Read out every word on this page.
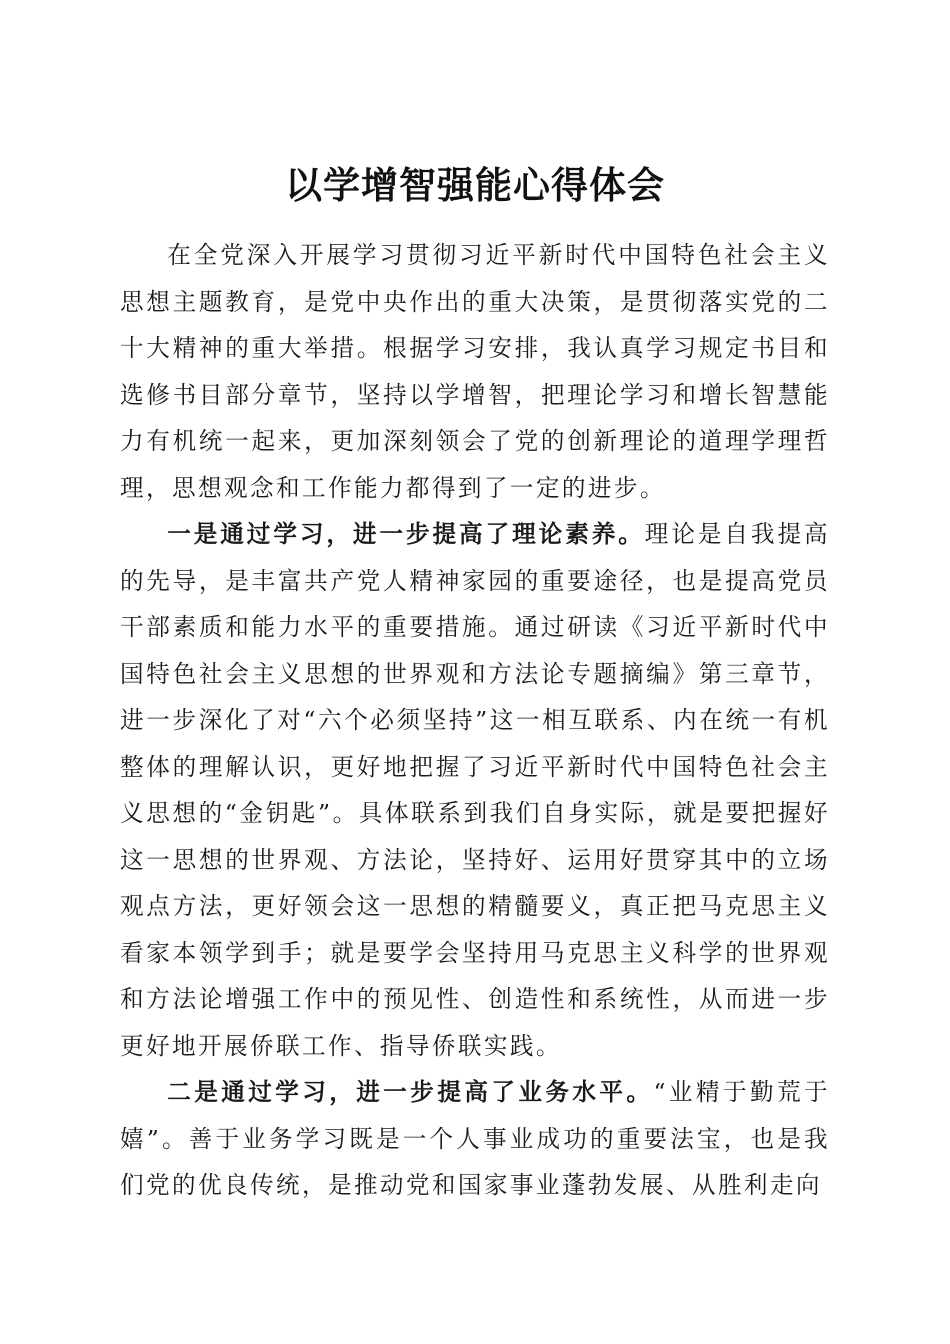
以学增智强能心得体会

在全党深入开展学习贯彻习近平新时代中国特色社会主义思想主题教育，是党中央作出的重大决策，是贯彻落实党的二十大精神的重大举措。根据学习安排，我认真学习规定书目和选修书目部分章节，坚持以学增智，把理论学习和增长智慧能力有机统一起来，更加深刻领会了党的创新理论的道理学理哲理，思想观念和工作能力都得到了一定的进步。

一是通过学习，进一步提高了理论素养。理论是自我提高的先导，是丰富共产党人精神家园的重要途径，也是提高党员干部素质和能力水平的重要措施。通过研读《习近平新时代中国特色社会主义思想的世界观和方法论专题摘编》第三章节，进一步深化了对“六个必须坚持”这一相互联系、内在统一有机整体的理解认识，更好地把握了习近平新时代中国特色社会主义思想的“金钥匙”。具体联系到我们自身实际，就是要把握好这一思想的世界观、方法论，坚持好、运用好贯穿其中的立场观点方法，更好领会这一思想的精髓要义，真正把马克思主义看家本领学到手；就是要学会坚持用马克思主义科学的世界观和方法论增强工作中的预见性、创造性和系统性，从而进一步更好地开展侨联工作、指导侨联实践。

二是通过学习，进一步提高了业务水平。“业精于勤荒于嬉”。善于业务学习既是一个人事业成功的重要法宝，也是我们党的优良传统，是推动党和国家事业蓬勃发展、从胜利走向
